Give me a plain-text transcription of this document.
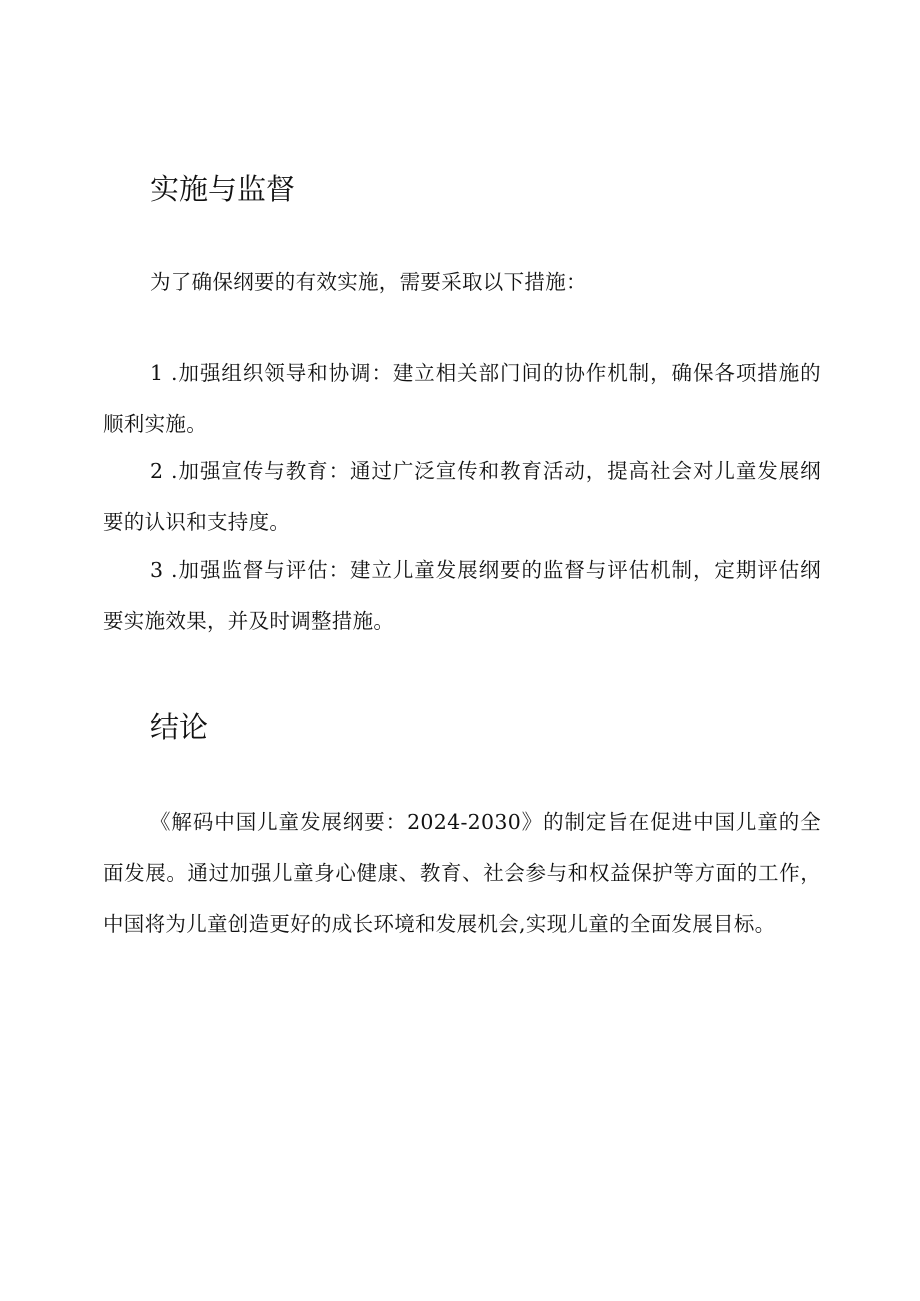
实施与监督

为了确保纲要的有效实施，需要采取以下措施：

1.加强组织领导和协调：建立相关部门间的协作机制，确保各项措施的顺利实施。

2.加强宣传与教育：通过广泛宣传和教育活动，提高社会对儿童发展纲要的认识和支持度。

3.加强监督与评估：建立儿童发展纲要的监督与评估机制，定期评估纲要实施效果，并及时调整措施。

结论

《解码中国儿童发展纲要：2024-2030》的制定旨在促进中国儿童的全面发展。通过加强儿童身心健康、教育、社会参与和权益保护等方面的工作，中国将为儿童创造更好的成长环境和发展机会,实现儿童的全面发展目标。
